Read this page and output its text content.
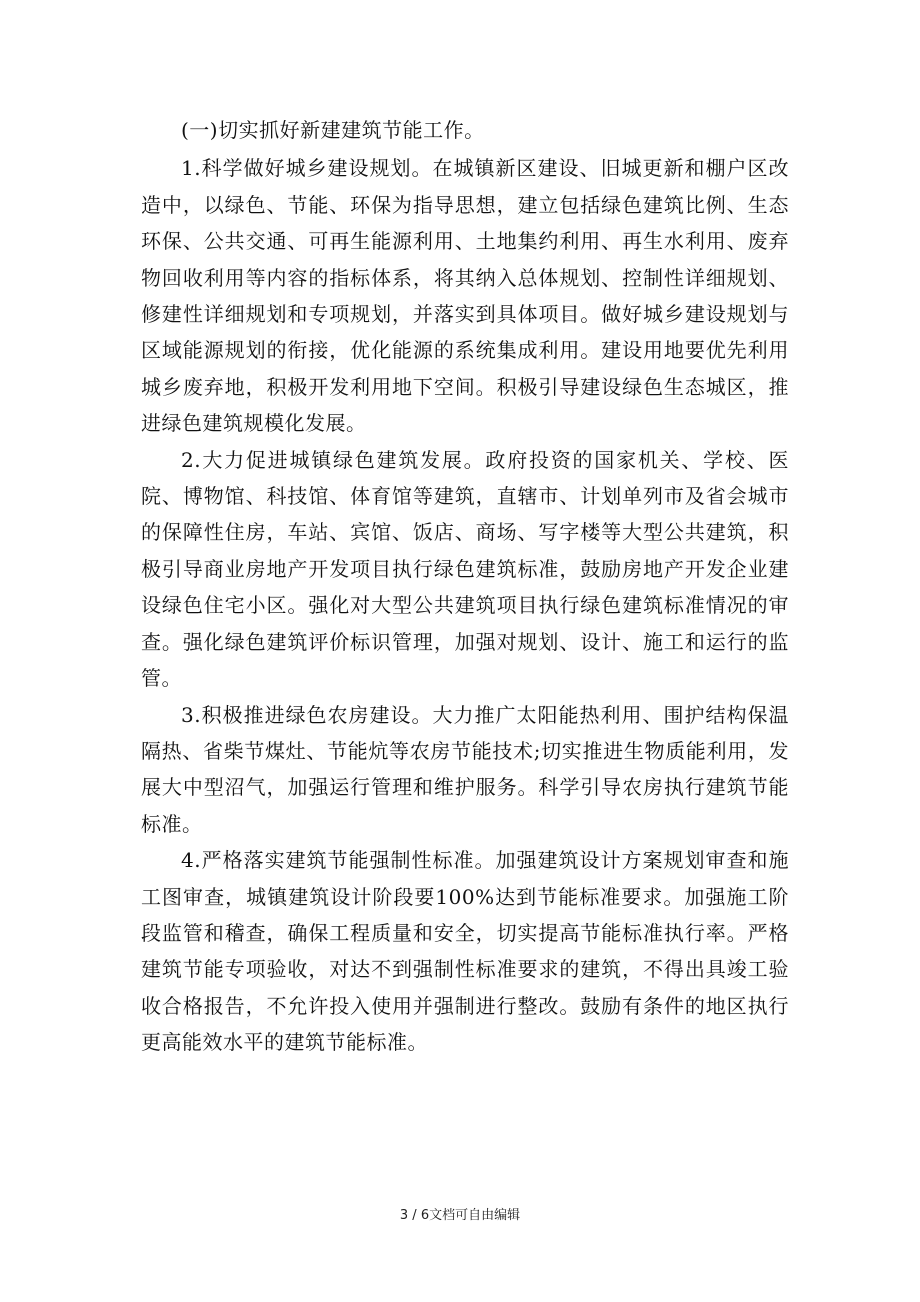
(一)切实抓好新建建筑节能工作。

1.科学做好城乡建设规划。在城镇新区建设、旧城更新和棚户区改造中，以绿色、节能、环保为指导思想，建立包括绿色建筑比例、生态环保、公共交通、可再生能源利用、土地集约利用、再生水利用、废弃物回收利用等内容的指标体系，将其纳入总体规划、控制性详细规划、修建性详细规划和专项规划，并落实到具体项目。做好城乡建设规划与区域能源规划的衔接，优化能源的系统集成利用。建设用地要优先利用城乡废弃地，积极开发利用地下空间。积极引导建设绿色生态城区，推进绿色建筑规模化发展。

2.大力促进城镇绿色建筑发展。政府投资的国家机关、学校、医院、博物馆、科技馆、体育馆等建筑，直辖市、计划单列市及省会城市的保障性住房，车站、宾馆、饭店、商场、写字楼等大型公共建筑，积极引导商业房地产开发项目执行绿色建筑标准，鼓励房地产开发企业建设绿色住宅小区。强化对大型公共建筑项目执行绿色建筑标准情况的审查。强化绿色建筑评价标识管理，加强对规划、设计、施工和运行的监管。

3.积极推进绿色农房建设。大力推广太阳能热利用、围护结构保温隔热、省柴节煤灶、节能炕等农房节能技术;切实推进生物质能利用，发展大中型沼气，加强运行管理和维护服务。科学引导农房执行建筑节能标准。

4.严格落实建筑节能强制性标准。加强建筑设计方案规划审查和施工图审查，城镇建筑设计阶段要100%达到节能标准要求。加强施工阶段监管和稽查，确保工程质量和安全，切实提高节能标准执行率。严格建筑节能专项验收，对达不到强制性标准要求的建筑，不得出具竣工验收合格报告，不允许投入使用并强制进行整改。鼓励有条件的地区执行更高能效水平的建筑节能标准。

3 / 6文档可自由编辑
